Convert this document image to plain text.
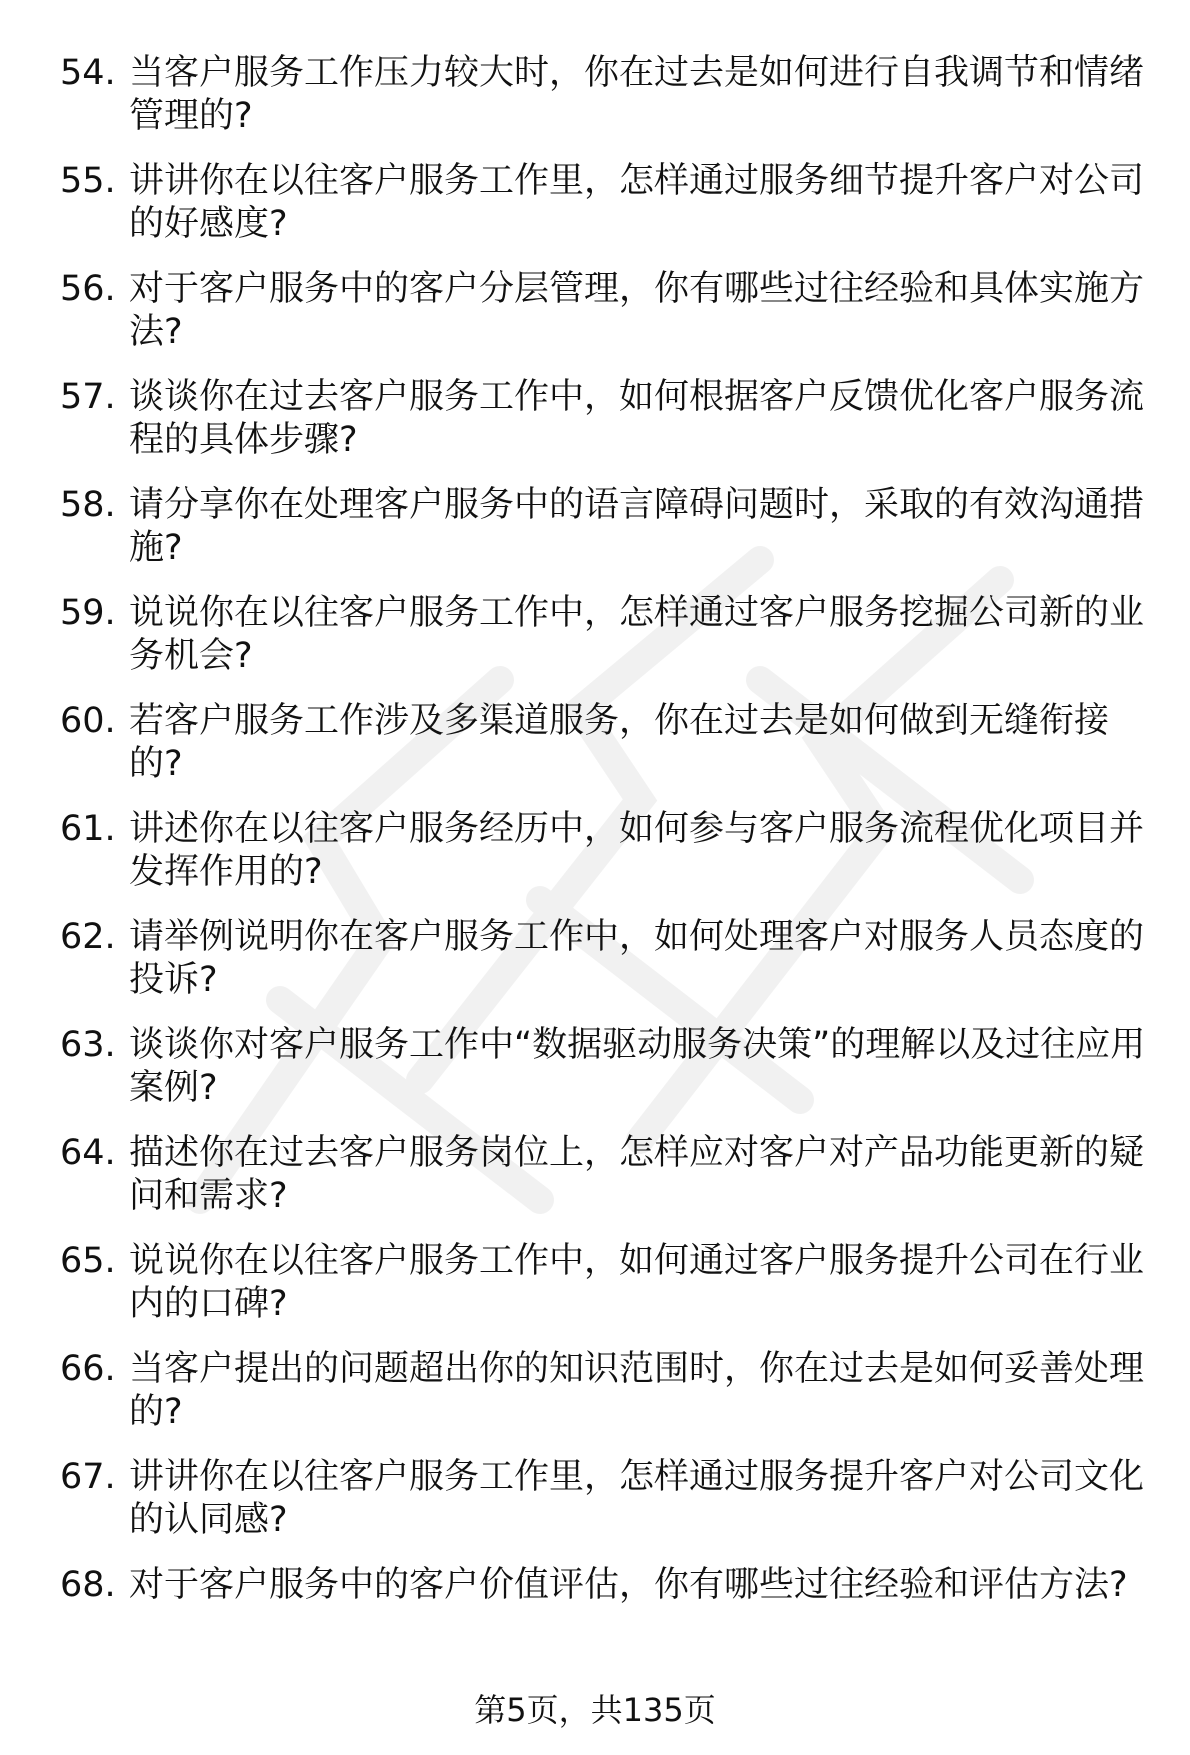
54. 当客户服务工作压力较大时，你在过去是如何进行自我调节和情绪管理的?
55. 讲讲你在以往客户服务工作里，怎样通过服务细节提升客户对公司的好感度?
56. 对于客户服务中的客户分层管理，你有哪些过往经验和具体实施方法?
57. 谈谈你在过去客户服务工作中，如何根据客户反馈优化客户服务流程的具体步骤?
58. 请分享你在处理客户服务中的语言障碍问题时，采取的有效沟通措施?
59. 说说你在以往客户服务工作中，怎样通过客户服务挖掘公司新的业务机会?
60. 若客户服务工作涉及多渠道服务，你在过去是如何做到无缝衔接的?
61. 讲述你在以往客户服务经历中，如何参与客户服务流程优化项目并发挥作用的?
62. 请举例说明你在客户服务工作中，如何处理客户对服务人员态度的投诉?
63. 谈谈你对客户服务工作中“数据驱动服务决策”的理解以及过往应用案例?
64. 描述你在过去客户服务岗位上，怎样应对客户对产品功能更新的疑问和需求?
65. 说说你在以往客户服务工作中，如何通过客户服务提升公司在行业内的口碑?
66. 当客户提出的问题超出你的知识范围时，你在过去是如何妥善处理的?
67. 讲讲你在以往客户服务工作里，怎样通过服务提升客户对公司文化的认同感?
68. 对于客户服务中的客户价值评估，你有哪些过往经验和评估方法?
第5页，共135页
